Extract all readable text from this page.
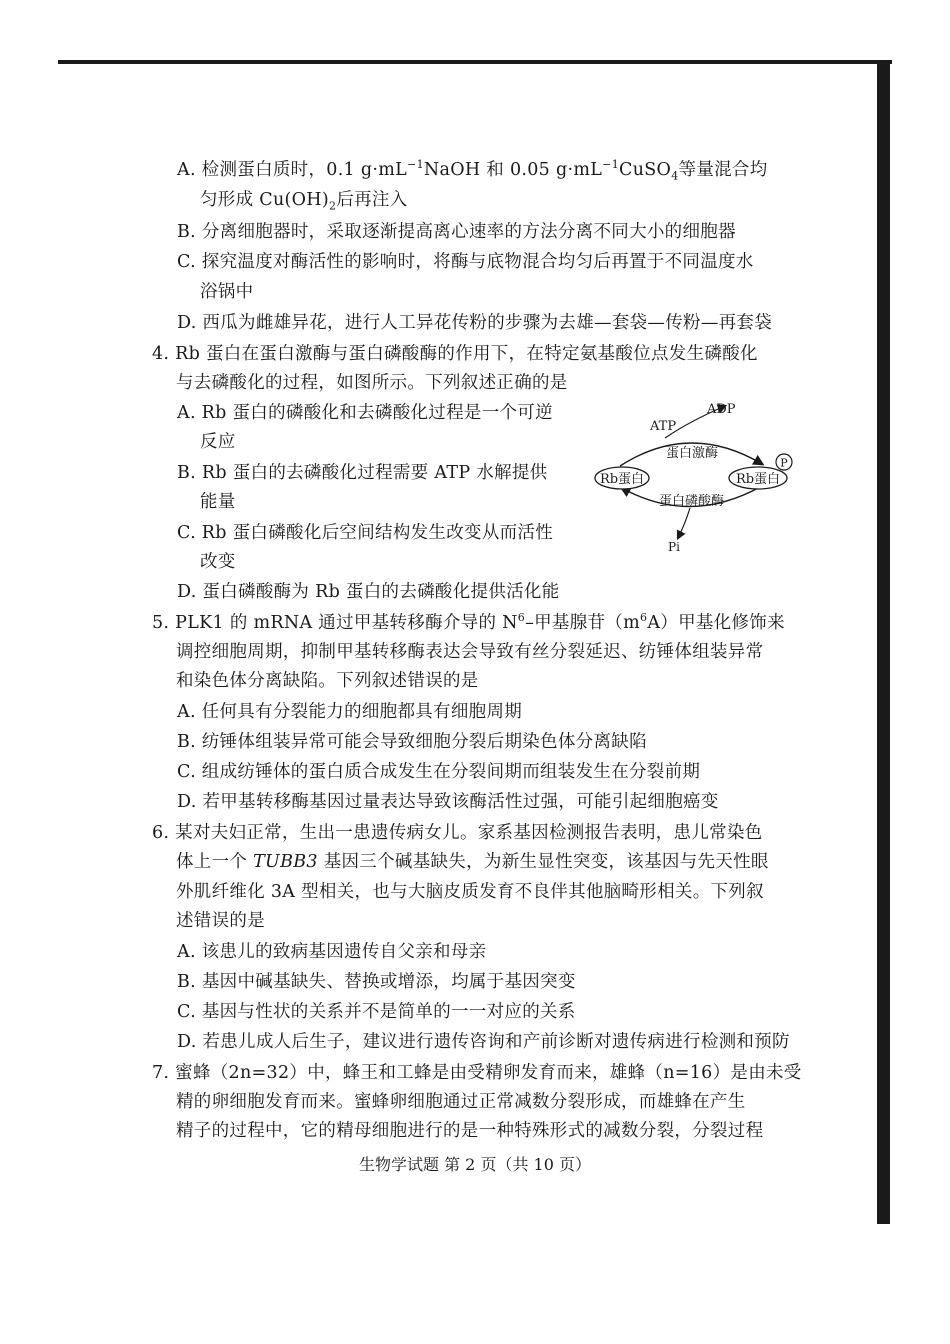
A. 检测蛋白质时，0.1 $g\cdot mL^{-1}NaOH$ 和 0.05 $g\cdot mL^{-1}CuSO_4$等量混合均
匀形成 $Cu(OH)_2$后再注入
B. 分离细胞器时，采取逐渐提高离心速率的方法分离不同大小的细胞器
C. 探究温度对酶活性的影响时，将酶与底物混合均匀后再置于不同温度水
浴锅中
D. 西瓜为雌雄异花，进行人工异花传粉的步骤为去雄—套袋—传粉—再套袋
4. Rb 蛋白在蛋白激酶与蛋白磷酸酶的作用下，在特定氨基酸位点发生磷酸化
与去磷酸化的过程，如图所示。下列叙述正确的是
A. Rb 蛋白的磷酸化和去磷酸化过程是一个可逆
反应
B. Rb 蛋白的去磷酸化过程需要 ATP 水解提供
能量
C. Rb 蛋白磷酸化后空间结构发生改变从而活性
改变
D. 蛋白磷酸酶为 Rb 蛋白的去磷酸化提供活化能
Rb蛋白	Rb蛋白
P
ATP
ADP
蛋白激酶
蛋白磷酸酶
Pi
5. PLK1 的 mRNA 通过甲基转移酶介导的 $N^6-$甲基腺苷$(m^6A)$甲基化修饰来
调控细胞周期，抑制甲基转移酶表达会导致有丝分裂延迟、纺锤体组装异常
和染色体分离缺陷。下列叙述错误的是
A. 任何具有分裂能力的细胞都具有细胞周期
B. 纺锤体组装异常可能会导致细胞分裂后期染色体分离缺陷
C. 组成纺锤体的蛋白质合成发生在分裂间期而组装发生在分裂前期
D. 若甲基转移酶基因过量表达导致该酶活性过强，可能引起细胞癌变
6. 某对夫妇正常，生出一患遗传病女儿。家系基因检测报告表明，患儿常染色
体上一个 TUBB3 基因三个碱基缺失，为新生显性突变，该基因与先天性眼
外肌纤维化 3A 型相关，也与大脑皮质发育不良伴其他脑畸形相关。下列叙
述错误的是
A. 该患儿的致病基因遗传自父亲和母亲
B. 基因中碱基缺失、替换或增添，均属于基因突变
C. 基因与性状的关系并不是简单的一一对应的关系
D. 若患儿成人后生子，建议进行遗传咨询和产前诊断对遗传病进行检测和预防
7. 蜜蜂（2n=32）中，蜂王和工蜂是由受精卵发育而来，雄蜂（n=16）是由未受
精的卵细胞发育而来。蜜蜂卵细胞通过正常减数分裂形成，而雄蜂在产生
精子的过程中，它的精母细胞进行的是一种特殊形式的减数分裂，分裂过程
生物学试题 第 2 页（共 10 页）
